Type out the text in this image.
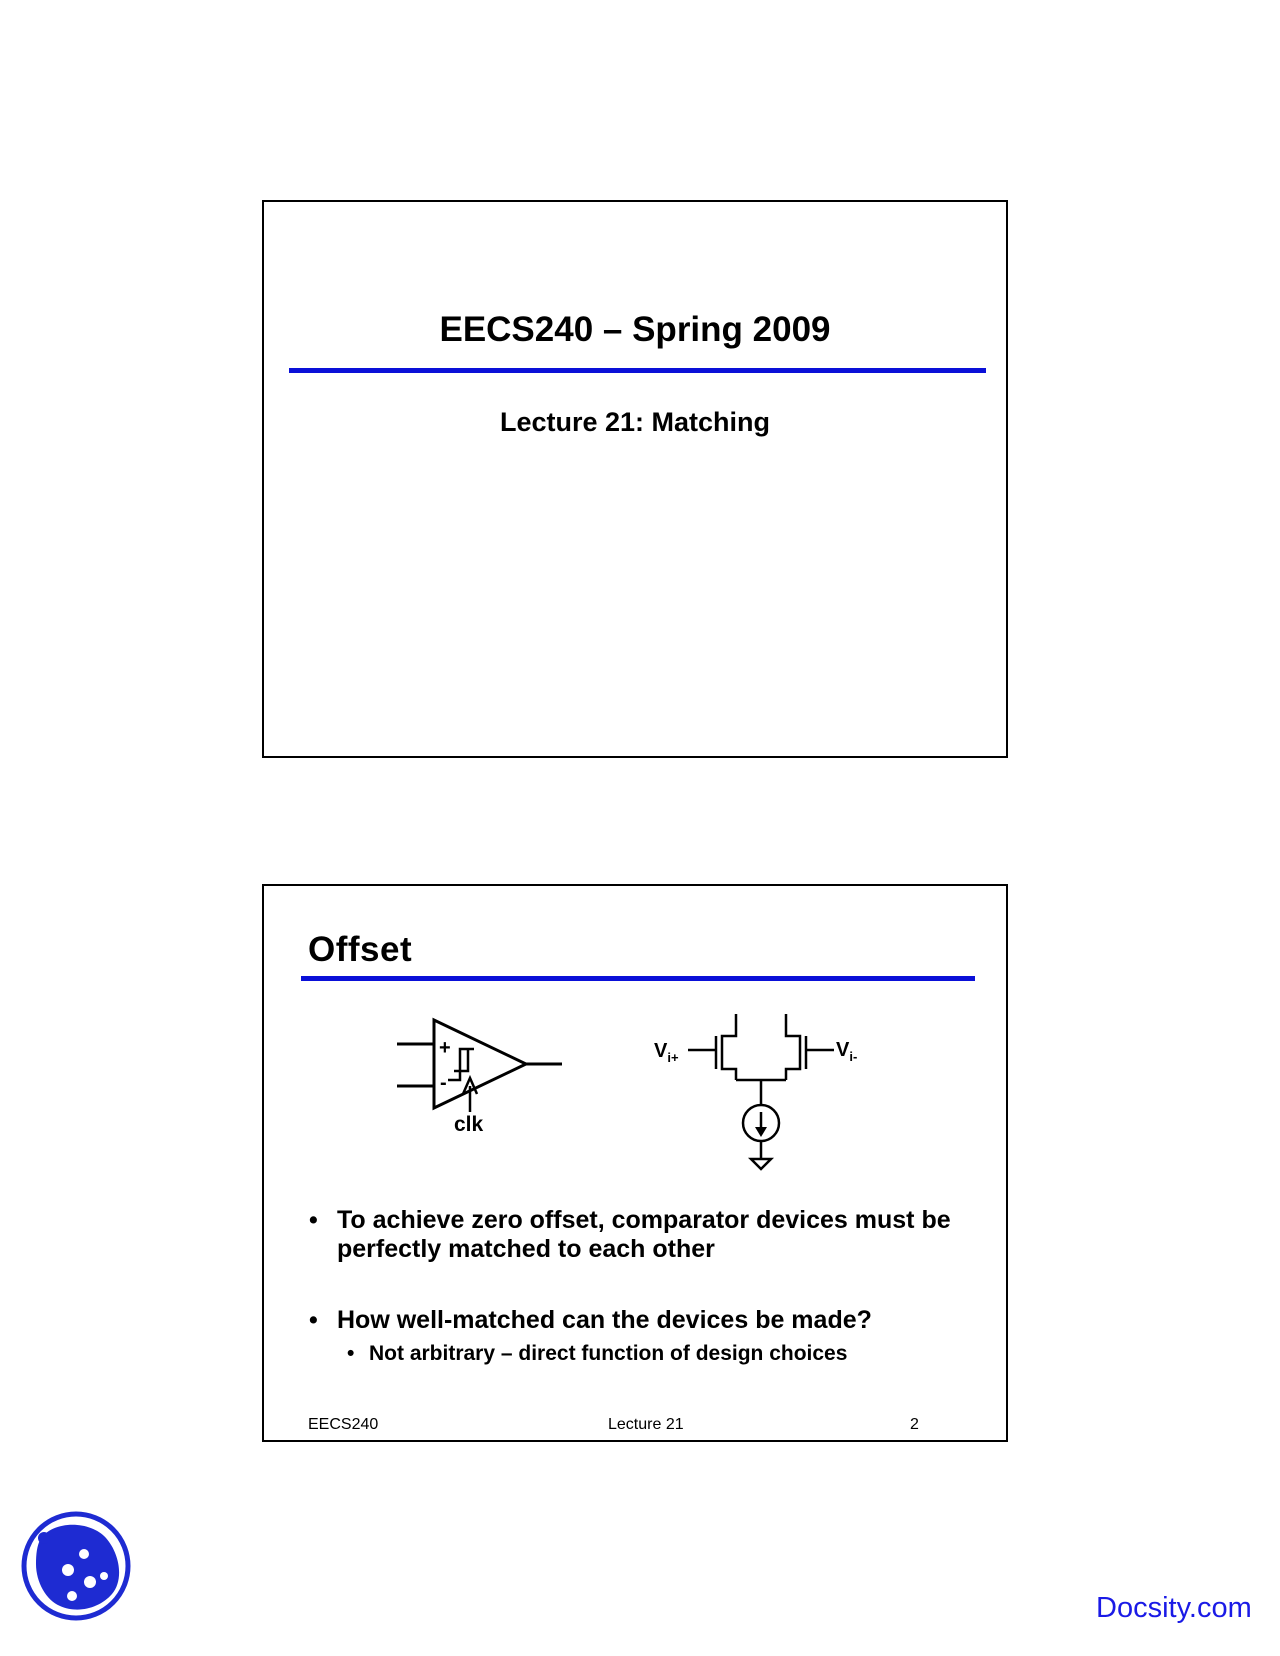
EECS240 – Spring 2009
Lecture 21: Matching
Offset
+
-
clk
$V_{i+}$	$V_{i-}$
• To achieve zero offset, comparator devices must be perfectly matched to each other
• How well-matched can the devices be made?
• Not arbitrary – direct function of design choices
EECS240	Lecture 21	2
Docsity.com
